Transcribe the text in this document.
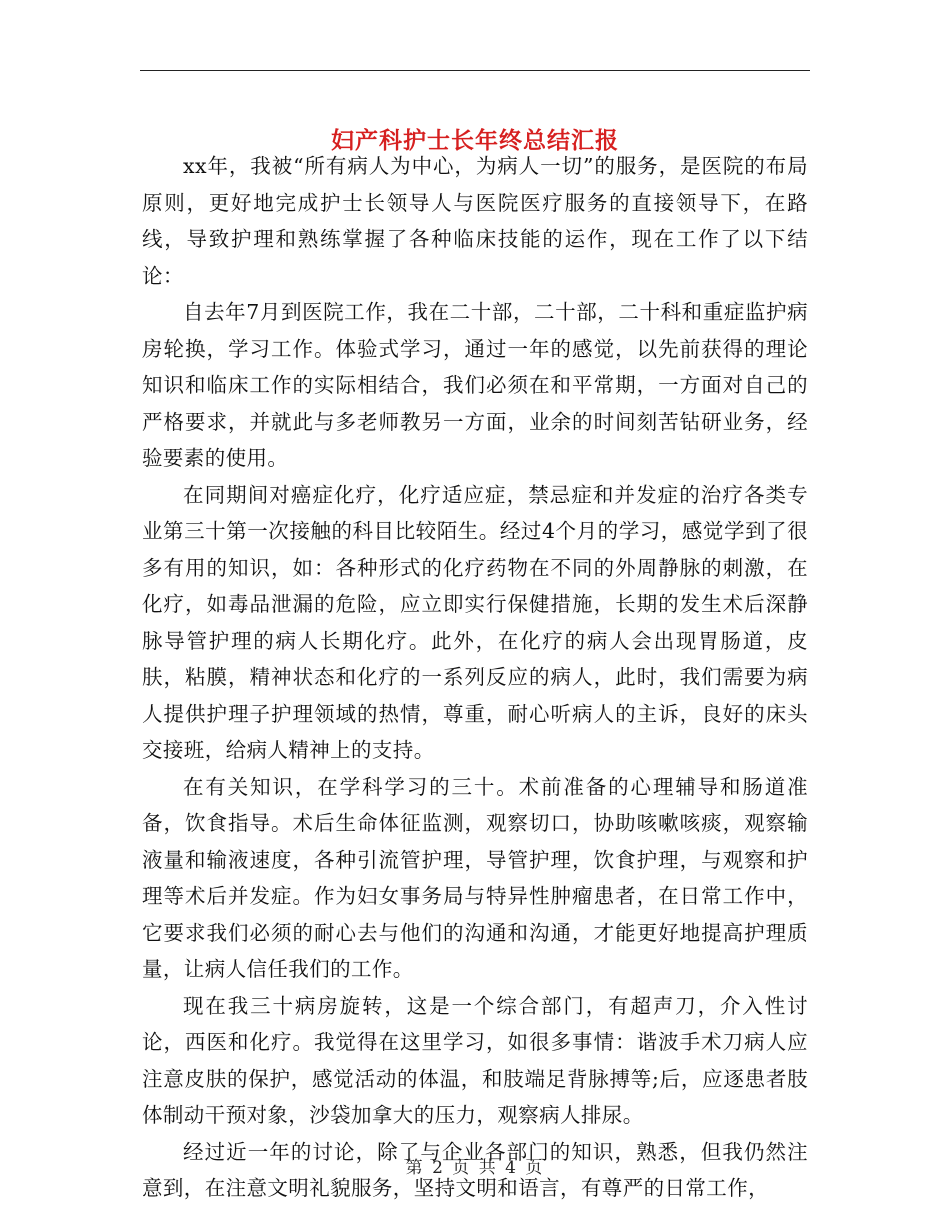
妇产科护士长年终总结汇报

xx年，我被“所有病人为中心，为病人一切”的服务，是医院的布局原则，更好地完成护士长领导人与医院医疗服务的直接领导下，在路线，导致护理和熟练掌握了各种临床技能的运作，现在工作了以下结论：

自去年7月到医院工作，我在二十部，二十部，二十科和重症监护病房轮换，学习工作。体验式学习，通过一年的感觉，以先前获得的理论知识和临床工作的实际相结合，我们必须在和平常期，一方面对自己的严格要求，并就此与多老师教另一方面，业余的时间刻苦钻研业务，经验要素的使用。

在同期间对癌症化疗，化疗适应症，禁忌症和并发症的治疗各类专业第三十第一次接触的科目比较陌生。经过4个月的学习，感觉学到了很多有用的知识，如：各种形式的化疗药物在不同的外周静脉的刺激，在化疗，如毒品泄漏的危险，应立即实行保健措施，长期的发生术后深静脉导管护理的病人长期化疗。此外，在化疗的病人会出现胃肠道，皮肤，粘膜，精神状态和化疗的一系列反应的病人，此时，我们需要为病人提供护理子护理领域的热情，尊重，耐心听病人的主诉，良好的床头交接班，给病人精神上的支持。

在有关知识，在学科学习的三十。术前准备的心理辅导和肠道准备，饮食指导。术后生命体征监测，观察切口，协助咳嗽咳痰，观察输液量和输液速度，各种引流管护理，导管护理，饮食护理，与观察和护理等术后并发症。作为妇女事务局与特异性肿瘤患者，在日常工作中，它要求我们必须的耐心去与他们的沟通和沟通，才能更好地提高护理质量，让病人信任我们的工作。

现在我三十病房旋转，这是一个综合部门，有超声刀，介入性讨论，西医和化疗。我觉得在这里学习，如很多事情：谐波手术刀病人应注意皮肤的保护，感觉活动的体温，和肢端足背脉搏等;后，应逐患者肢体制动干预对象，沙袋加拿大的压力，观察病人排尿。

经过近一年的讨论，除了与企业各部门的知识，熟悉，但我仍然注意到，在注意文明礼貌服务，坚持文明和语言，有尊严的日常工作，

第 2 页 共 4 页
